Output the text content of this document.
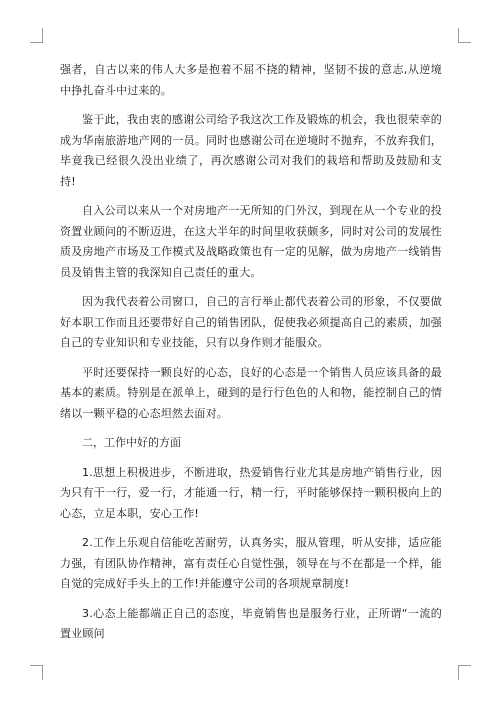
强者，自古以来的伟人大多是抱着不屈不挠的精神，坚韧不拔的意志,从逆境中挣扎奋斗中过来的。

鉴于此，我由衷的感谢公司给予我这次工作及锻炼的机会，我也很荣幸的成为华南旅游地产网的一员。同时也感谢公司在逆境时不抛弃，不放弃我们，毕竟我已经很久没出业绩了，再次感谢公司对我们的栽培和帮助及鼓励和支持!

自入公司以来从一个对房地产一无所知的门外汉，到现在从一个专业的投资置业顾问的不断迈进，在这大半年的时间里收获颇多，同时对公司的发展性质及房地产市场及工作模式及战略政策也有一定的见解，做为房地产一线销售员及销售主管的我深知自己责任的重大。

因为我代表着公司窗口，自己的言行举止都代表着公司的形象，不仅要做好本职工作而且还要带好自己的销售团队，促使我必须提高自己的素质，加强自己的专业知识和专业技能，只有以身作则才能服众。

平时还要保持一颗良好的心态，良好的心态是一个销售人员应该具备的最基本的素质。特别是在派单上，碰到的是行行色色的人和物，能控制自己的情绪以一颗平稳的心态坦然去面对。

二，工作中好的方面

1.思想上积极进步，不断进取，热爱销售行业尤其是房地产销售行业，因为只有干一行，爱一行，才能通一行，精一行，平时能够保持一颗积极向上的心态，立足本职，安心工作!

2.工作上乐观自信能吃苦耐劳，认真务实，服从管理，听从安排，适应能力强，有团队协作精神，富有责任心自觉性强，领导在与不在都是一个样，能自觉的完成好手头上的工作!并能遵守公司的各项规章制度!

3.心态上能都端正自己的态度，毕竟销售也是服务行业，正所谓“一流的置业顾问
